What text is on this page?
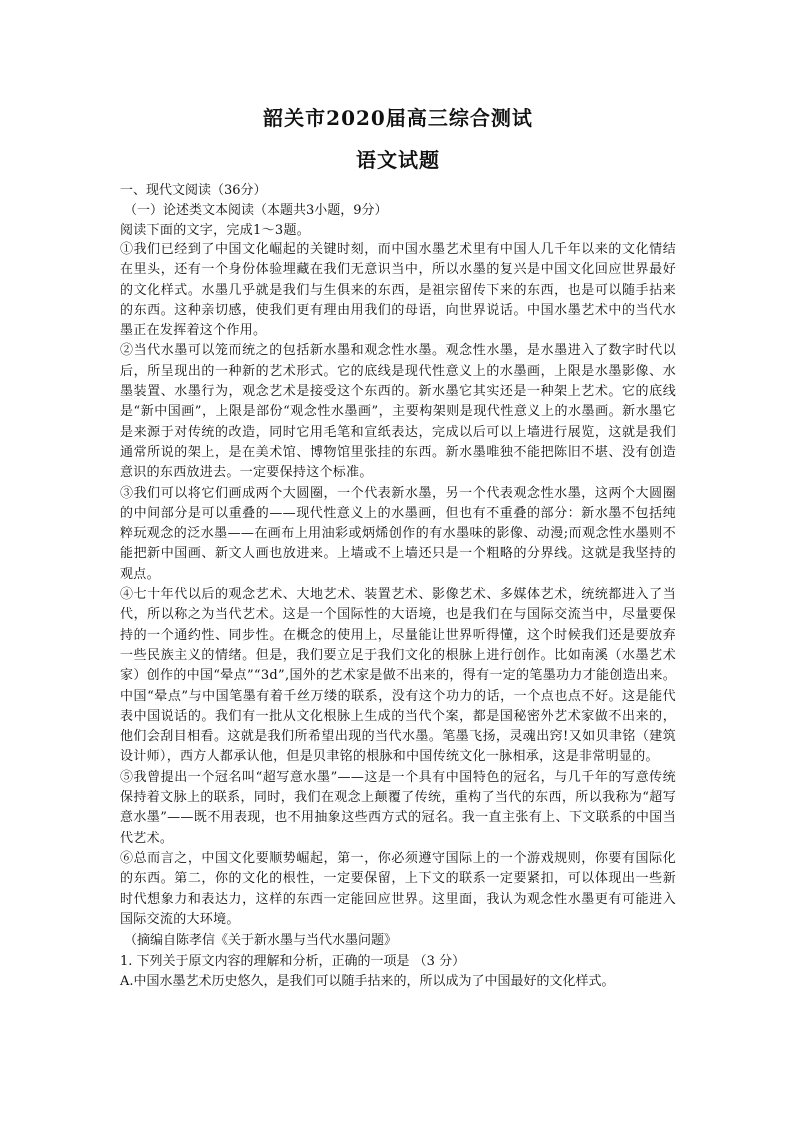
韶关市2020届高三综合测试
语文试题

一、现代文阅读（36分）

（一）论述类文本阅读（本题共3小题，9分）

阅读下面的文字，完成1～3题。

①我们已经到了中国文化崛起的关键时刻，而中国水墨艺术里有中国人几千年以来的文化情结在里头，还有一个身份体验埋藏在我们无意识当中，所以水墨的复兴是中国文化回应世界最好的文化样式。水墨几乎就是我们与生俱来的东西，是祖宗留传下来的东西，也是可以随手拈来的东西。这种亲切感，使我们更有理由用我们的母语，向世界说话。中国水墨艺术中的当代水墨正在发挥着这个作用。

②当代水墨可以笼而统之的包括新水墨和观念性水墨。观念性水墨，是水墨进入了数字时代以后，所呈现出的一种新的艺术形式。它的底线是现代性意义上的水墨画，上限是水墨影像、水墨装置、水墨行为，观念艺术是接受这个东西的。新水墨它其实还是一种架上艺术。它的底线是“新中国画”，上限是部份“观念性水墨画”，主要构架则是现代性意义上的水墨画。新水墨它是来源于对传统的改造，同时它用毛笔和宣纸表达，完成以后可以上墙进行展览，这就是我们通常所说的架上，是在美术馆、博物馆里张挂的东西。新水墨唯独不能把陈旧不堪、没有创造意识的东西放进去。一定要保持这个标准。

③我们可以将它们画成两个大圆圈，一个代表新水墨，另一个代表观念性水墨，这两个大圆圈的中间部分是可以重叠的——现代性意义上的水墨画，但也有不重叠的部分：新水墨不包括纯粹玩观念的泛水墨——在画布上用油彩或炳烯创作的有水墨味的影像、动漫;而观念性水墨则不能把新中国画、新文人画也放进来。上墙或不上墙还只是一个粗略的分界线。这就是我坚持的观点。

④七十年代以后的观念艺术、大地艺术、装置艺术、影像艺术、多媒体艺术，统统都进入了当代，所以称之为当代艺术。这是一个国际性的大语境，也是我们在与国际交流当中，尽量要保持的一个通约性、同步性。在概念的使用上，尽量能让世界听得懂，这个时候我们还是要放弃一些民族主义的情绪。但是，我们要立足于我们文化的根脉上进行创作。比如南溪（水墨艺术家）创作的中国“晕点”“3d”,国外的艺术家是做不出来的，得有一定的笔墨功力才能创造出来。中国“晕点”与中国笔墨有着千丝万缕的联系，没有这个功力的话，一个点也点不好。这是能代表中国说话的。我们有一批从文化根脉上生成的当代个案，都是国秘密外艺术家做不出来的，他们会刮目相看。这就是我们所希望出现的当代水墨。笔墨飞扬，灵魂出窍!又如贝聿铭（建筑设计师），西方人都承认他，但是贝聿铭的根脉和中国传统文化一脉相承，这是非常明显的。

⑤我曾提出一个冠名叫“超写意水墨”——这是一个具有中国特色的冠名，与几千年的写意传统保持着文脉上的联系，同时，我们在观念上颠覆了传统，重构了当代的东西，所以我称为“超写意水墨”——既不用表现，也不用抽象这些西方式的冠名。我一直主张有上、下文联系的中国当代艺术。

⑥总而言之，中国文化要顺势崛起，第一，你必须遵守国际上的一个游戏规则，你要有国际化的东西。第二，你的文化的根性，一定要保留，上下文的联系一定要紧扣，可以体现出一些新时代想象力和表达力，这样的东西一定能回应世界。这里面，我认为观念性水墨更有可能进入国际交流的大环境。

（摘编自陈孝信《关于新水墨与当代水墨问题》

1. 下列关于原文内容的理解和分析，正确的一项是 （3 分）

A.中国水墨艺术历史悠久，是我们可以随手拈来的，所以成为了中国最好的文化样式。
